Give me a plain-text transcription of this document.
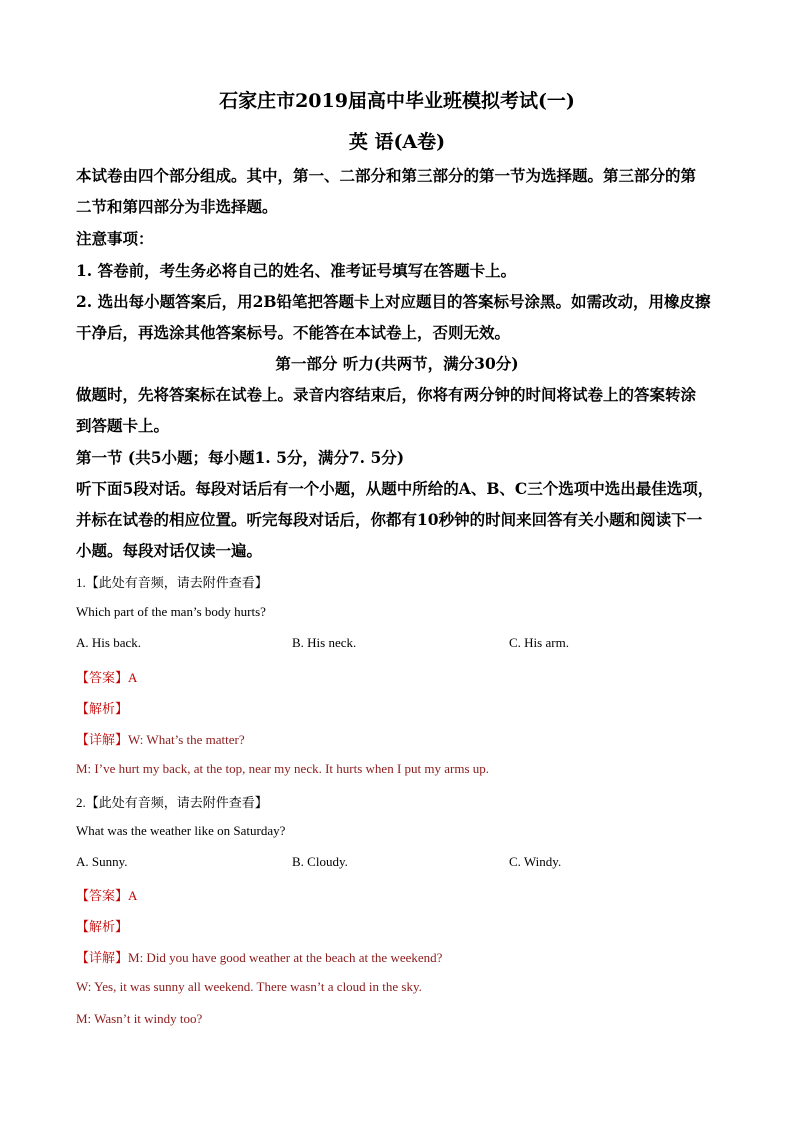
石家庄市2019届高中毕业班模拟考试(一)
英 语(A卷)
本试卷由四个部分组成。其中，第一、二部分和第三部分的第一节为选择题。第三部分的第
二节和第四部分为非选择题。
注意事项：
1. 答卷前，考生务必将自己的姓名、准考证号填写在答题卡上。
2. 选出每小题答案后，用2B铅笔把答题卡上对应题目的答案标号涂黑。如需改动，用橡皮擦
干净后，再选涂其他答案标号。不能答在本试卷上，否则无效。
第一部分 听力(共两节，满分30分)
做题时，先将答案标在试卷上。录音内容结束后，你将有两分钟的时间将试卷上的答案转涂
到答题卡上。
第一节 (共5小题；每小题1. 5分，满分7. 5分)
听下面5段对话。每段对话后有一个小题，从题中所给的A、B、C三个选项中选出最佳选项，
并标在试卷的相应位置。听完每段对话后，你都有10秒钟的时间来回答有关小题和阅读下一
小题。每段对话仅读一遍。
1.【此处有音频，请去附件查看】
Which part of the man’s body hurts?
A. His back.	B. His neck.	C. His arm.
【答案】A
【解析】
【详解】W: What’s the matter?
M: I’ve hurt my back, at the top, near my neck. It hurts when I put my arms up.
2.【此处有音频，请去附件查看】
What was the weather like on Saturday?
A. Sunny.	B. Cloudy.	C. Windy.
【答案】A
【解析】
【详解】M: Did you have good weather at the beach at the weekend?
W: Yes, it was sunny all weekend. There wasn’t a cloud in the sky.
M: Wasn’t it windy too?
